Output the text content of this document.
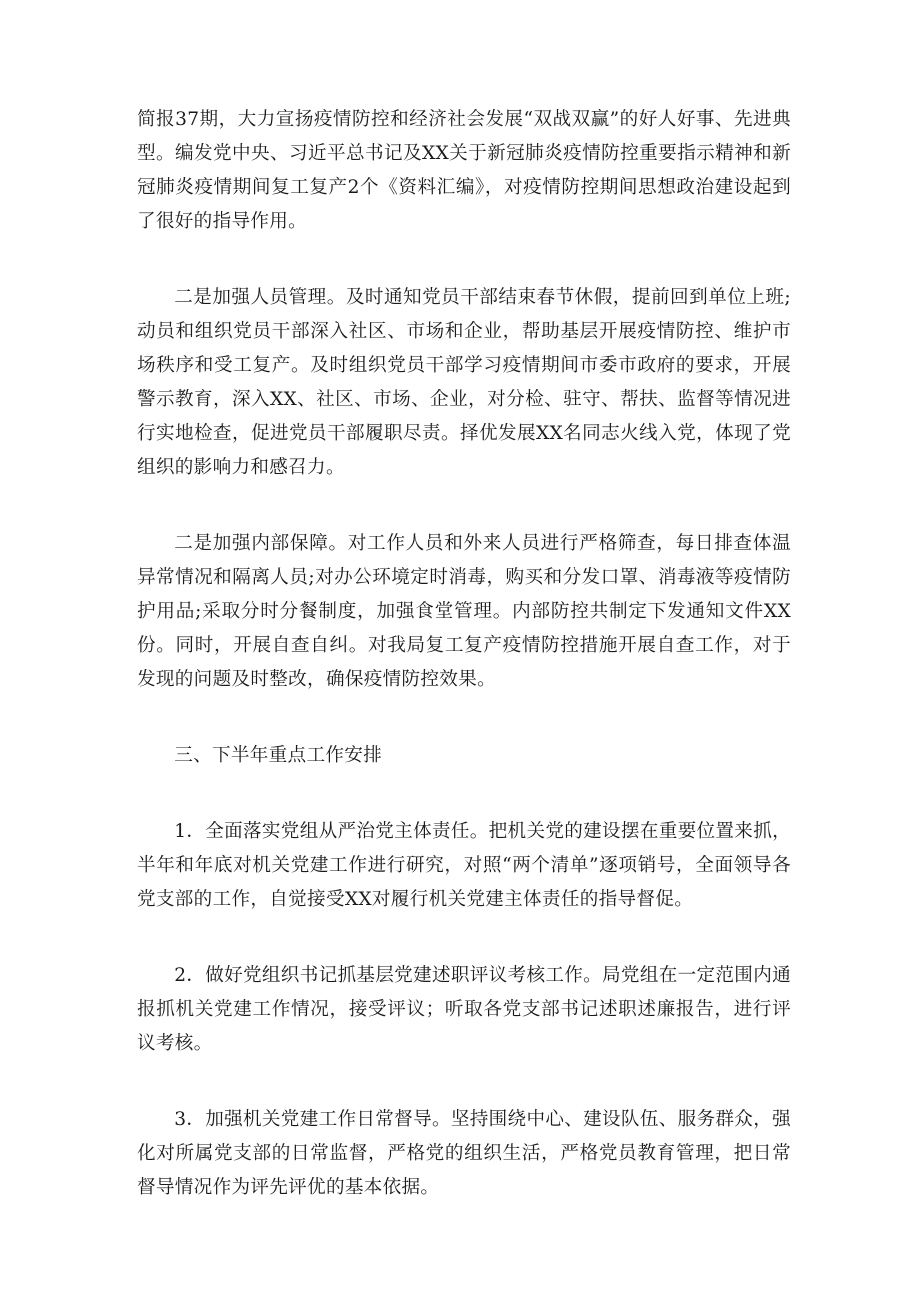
简报37期，大力宣扬疫情防控和经济社会发展“双战双赢”的好人好事、先进典型。编发党中央、习近平总书记及XX关于新冠肺炎疫情防控重要指示精神和新冠肺炎疫情期间复工复产2个《资料汇编》，对疫情防控期间思想政治建设起到了很好的指导作用。

二是加强人员管理。及时通知党员干部结束春节休假，提前回到单位上班;动员和组织党员干部深入社区、市场和企业，帮助基层开展疫情防控、维护市场秩序和受工复产。及时组织党员干部学习疫情期间市委市政府的要求，开展警示教育，深入XX、社区、市场、企业，对分检、驻守、帮扶、监督等情况进行实地检查，促进党员干部履职尽责。择优发展XX名同志火线入党，体现了党组织的影响力和感召力。

二是加强内部保障。对工作人员和外来人员进行严格筛查，每日排查体温异常情况和隔离人员;对办公环境定时消毒，购买和分发口罩、消毒液等疫情防护用品;采取分时分餐制度，加强食堂管理。内部防控共制定下发通知文件XX份。同时，开展自查自纠。对我局复工复产疫情防控措施开展自查工作，对于发现的问题及时整改，确保疫情防控效果。

三、下半年重点工作安排

1．全面落实党组从严治党主体责任。把机关党的建设摆在重要位置来抓，半年和年底对机关党建工作进行研究，对照“两个清单”逐项销号，全面领导各党支部的工作，自觉接受XX对履行机关党建主体责任的指导督促。

2．做好党组织书记抓基层党建述职评议考核工作。局党组在一定范围内通报抓机关党建工作情况，接受评议；听取各党支部书记述职述廉报告，进行评议考核。

3．加强机关党建工作日常督导。坚持围绕中心、建设队伍、服务群众，强化对所属党支部的日常监督，严格党的组织生活，严格党员教育管理，把日常督导情况作为评先评优的基本依据。
